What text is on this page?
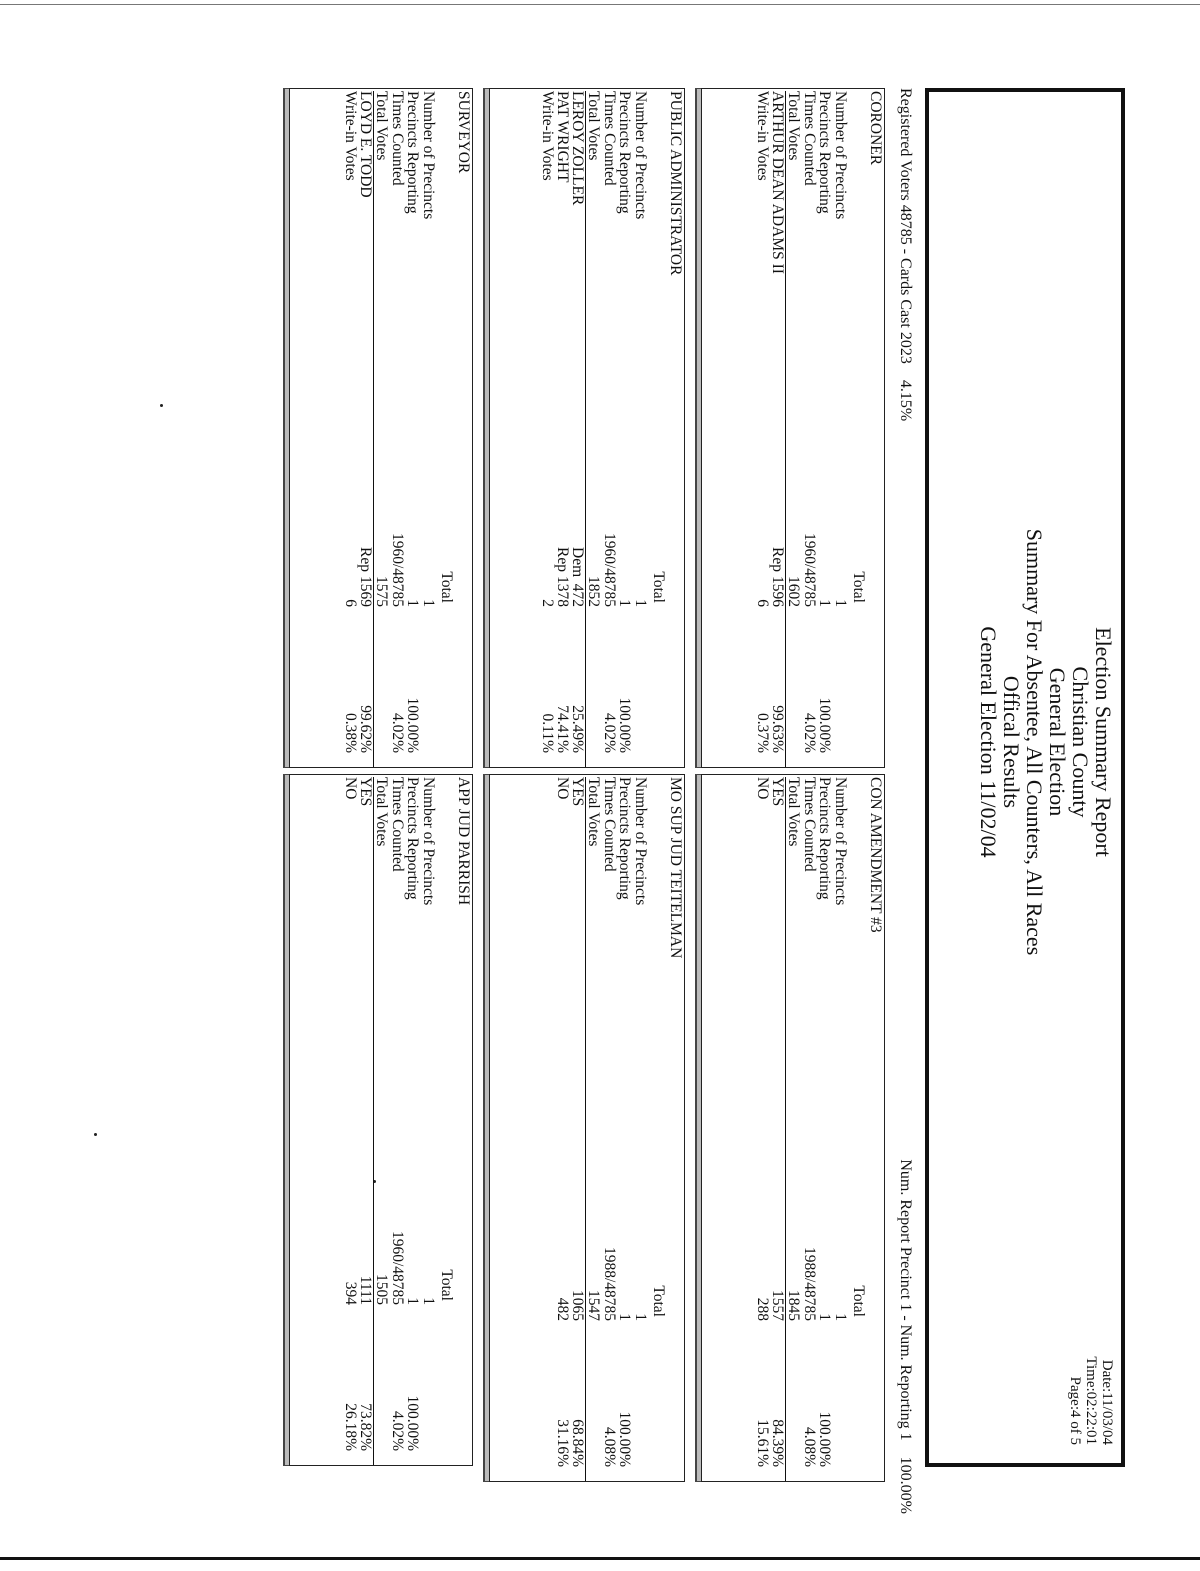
Election Summary Report
Christian County
General Election
Summary For Absentee, All Counters, All Races
Offical Results
General Election 11/02/04
Date:11/03/04
Time:02:22:01
Page:4 of 5
Registered Voters 48785 - Cards Cast 2023    4.15%
Num. Report Precinct 1 - Num. Reporting 1    100.00%
CORONER
Total
Number of Precincts
1
Precincts Reporting
1
100.00%
Times Counted
1960/48785
4.02%
Total Votes
1602
ARTHUR DEAN ADAMS II
Rep
1596
99.63%
Write-in Votes
6
0.37%
PUBLIC ADMINISTRATOR
Total
Number of Precincts
1
Precincts Reporting
1
100.00%
Times Counted
1960/48785
4.02%
Total Votes
1852
LEROY ZOLLER
Dem
472
25.49%
PAT WRIGHT
Rep
1378
74.41%
Write-in Votes
2
0.11%
SURVEYOR
Total
Number of Precincts
1
Precincts Reporting
1
100.00%
Times Counted
1960/48785
4.02%
Total Votes
1575
LOYD E. TODD
Rep
1569
99.62%
Write-in Votes
6
0.38%
CON AMENDMENT #3
Total
Number of Precincts
1
Precincts Reporting
1
100.00%
Times Counted
1988/48785
4.08%
Total Votes
1845
YES
1557
84.39%
NO
288
15.61%
MO SUP JUD TEITELMAN
Total
Number of Precincts
1
Precincts Reporting
1
100.00%
Times Counted
1988/48785
4.08%
Total Votes
1547
YES
1065
68.84%
NO
482
31.16%
APP JUD PARRISH
Total
Number of Precincts
1
Precincts Reporting
1
100.00%
Times Counted
1960/48785
4.02%
Total Votes
1505
YES
1111
73.82%
NO
394
26.18%
